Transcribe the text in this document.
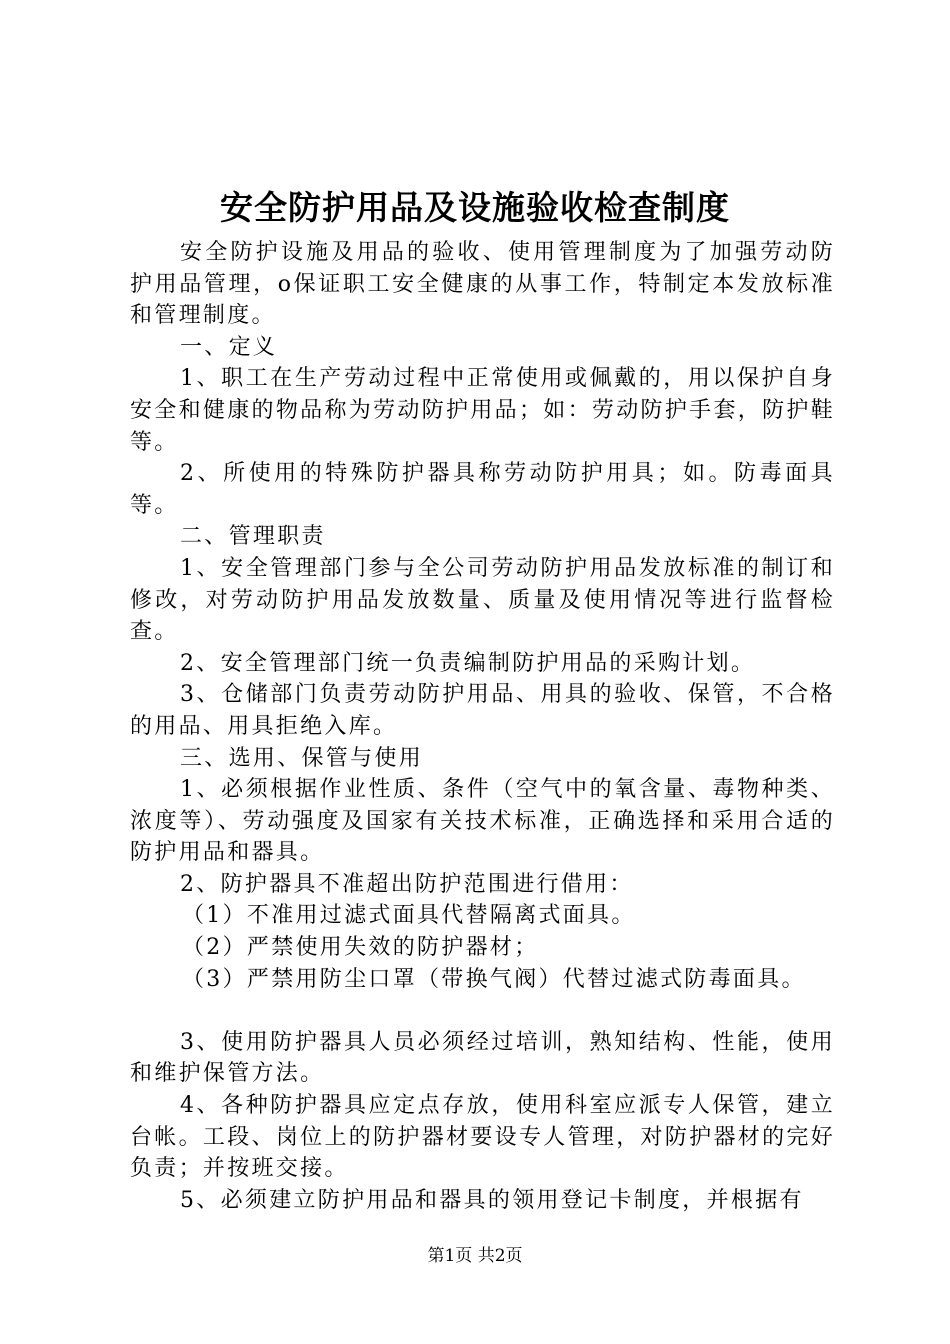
安全防护用品及设施验收检查制度

安全防护设施及用品的验收、使用管理制度为了加强劳动防护用品管理，o保证职工安全健康的从事工作，特制定本发放标准和管理制度。

一、定义

1、职工在生产劳动过程中正常使用或佩戴的，用以保护自身安全和健康的物品称为劳动防护用品；如：劳动防护手套，防护鞋等。

2、所使用的特殊防护器具称劳动防护用具；如。防毒面具等。

二、管理职责

1、安全管理部门参与全公司劳动防护用品发放标准的制订和修改，对劳动防护用品发放数量、质量及使用情况等进行监督检查。

2、安全管理部门统一负责编制防护用品的采购计划。

3、仓储部门负责劳动防护用品、用具的验收、保管，不合格的用品、用具拒绝入库。

三、选用、保管与使用

1、必须根据作业性质、条件（空气中的氧含量、毒物种类、浓度等）、劳动强度及国家有关技术标准，正确选择和采用合适的防护用品和器具。

2、防护器具不准超出防护范围进行借用：

（1）不准用过滤式面具代替隔离式面具。

（2）严禁使用失效的防护器材；

（3）严禁用防尘口罩（带换气阀）代替过滤式防毒面具。

3、使用防护器具人员必须经过培训，熟知结构、性能，使用和维护保管方法。

4、各种防护器具应定点存放，使用科室应派专人保管，建立台帐。工段、岗位上的防护器材要设专人管理，对防护器材的完好负责；并按班交接。

5、必须建立防护用品和器具的领用登记卡制度，并根据有

第1页 共2页
